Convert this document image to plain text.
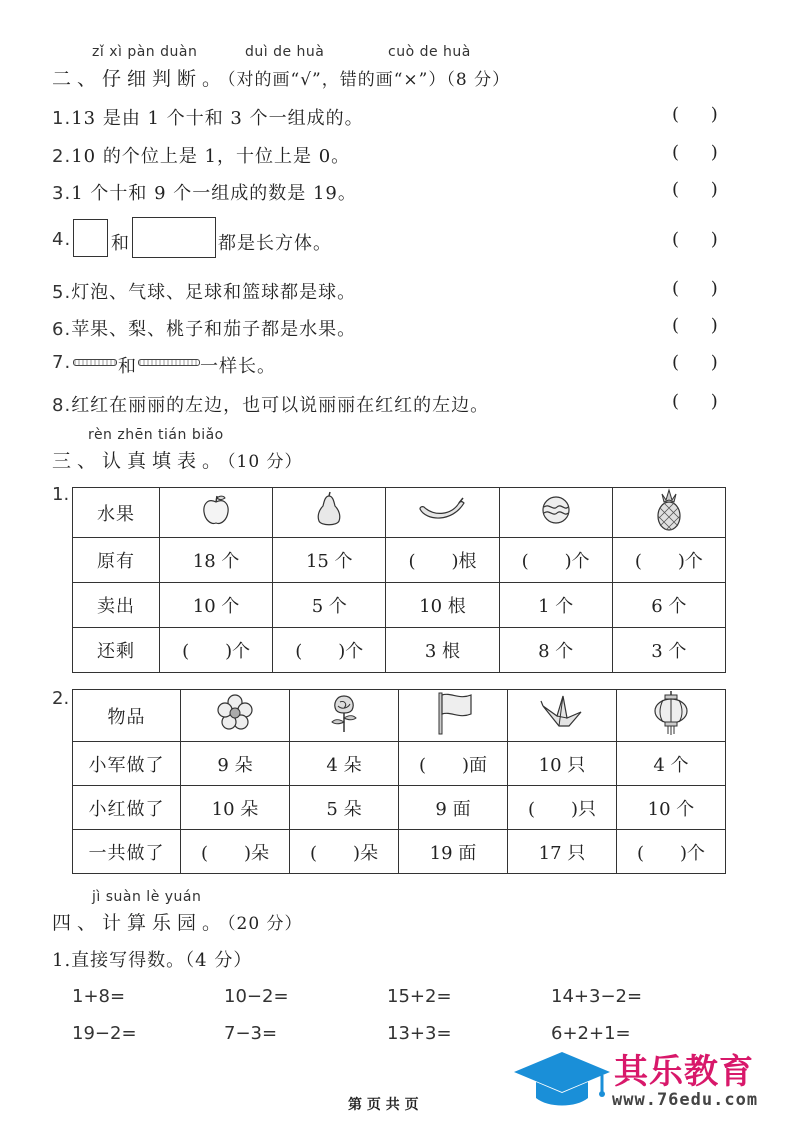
zǐ xì pàn duàn	duì de huà	cuò de huà
二、仔细判断。（对的画“√”，错的画“×”）（8 分）
1.13 是由 1 个十和 3 个一组成的。
2.10 的个位上是 1，十位上是 0。
3.1 个十和 9 个一组成的数是 19。
4. 和	都是长方体。
5.灯泡、气球、足球和篮球都是球。
6.苹果、梨、桃子和茄子都是水果。
7.	和	一样长。
8.红红在丽丽的左边，也可以说丽丽在红红的左边。
( )
( )
( )
( )
( )
( )
( )
( )
rèn zhēn tián biǎo
三、认真填表。（10 分）
1.
水果					
原有	18 个	15 个	(　　)根	(　　)个	(　　)个
卖出	10 个	5 个	10 根	1 个	6 个
还剩	(　　)个	(　　)个	3 根	8 个	3 个
2.
物品					
小军做了	9 朵	4 朵	(　　)面	10 只	4 个
小红做了	10 朵	5 朵	9 面	(　　)只	10 个
一共做了	(　　)朵	(　　)朵	19 面	17 只	(　　)个
jì suàn lè yuán
四、计算乐园。（20 分）
1.直接写得数。（4 分）
1+8=	10−2=	15+2=	14+3−2=
19−2=	7−3=	13+3=	6+2+1=
第 页 共 页
其乐教育
www.76edu.com
